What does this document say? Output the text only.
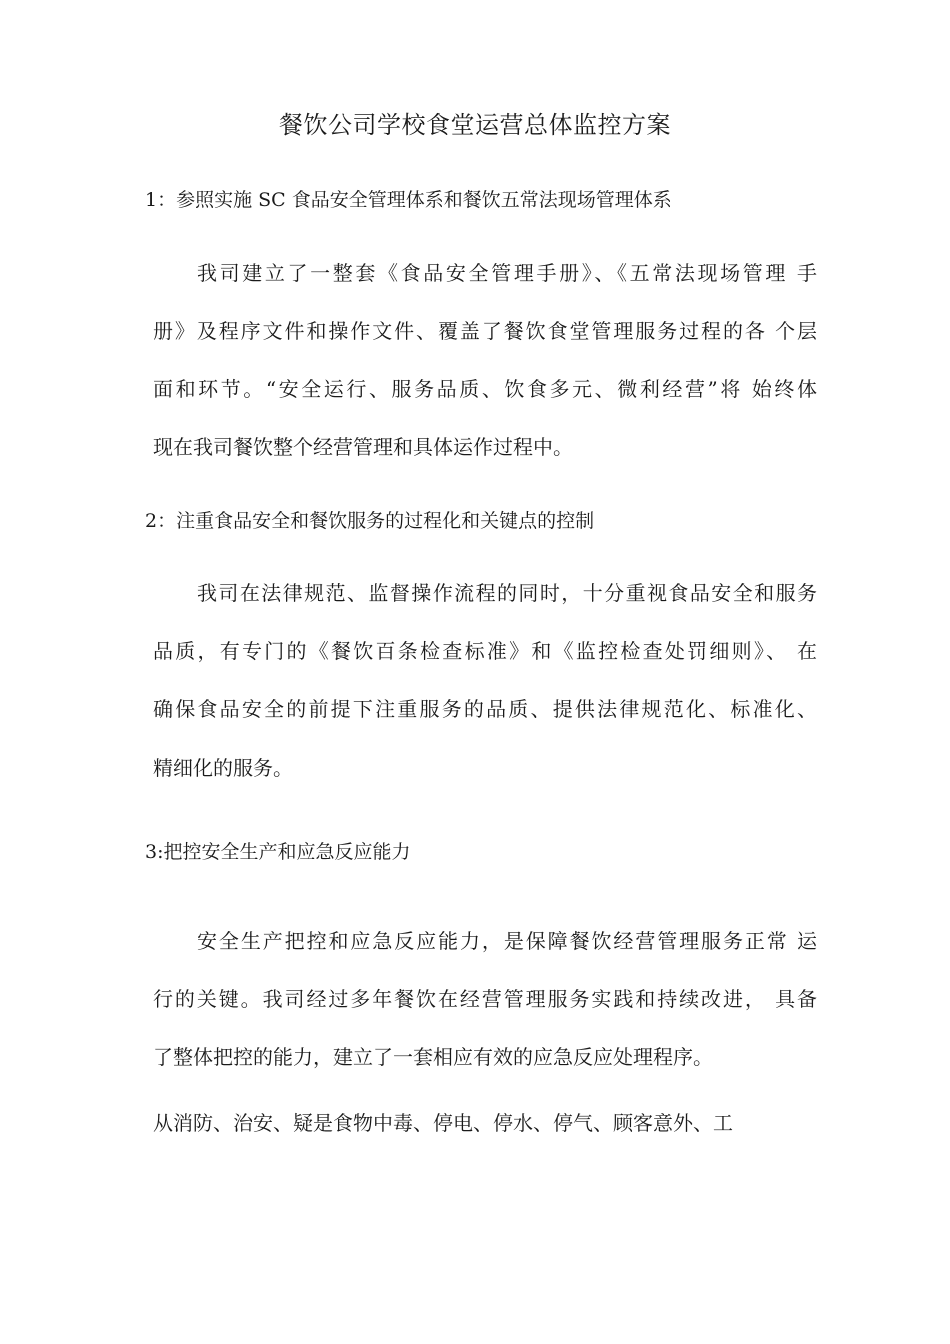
餐饮公司学校食堂运营总体监控方案
1：参照实施 SC 食品安全管理体系和餐饮五常法现场管理体系
我司建立了一整套《食品安全管理手册》、《五常法现场管理 手
册》及程序文件和操作文件、覆盖了餐饮食堂管理服务过程的各 个层
面和环节。“安全运行、服务品质、饮食多元、微利经营”将 始终体
现在我司餐饮整个经营管理和具体运作过程中。
2：注重食品安全和餐饮服务的过程化和关键点的控制
我司在法律规范、监督操作流程的同时，十分重视食品安全和服务
品质，有专门的《餐饮百条检查标准》和《监控检查处罚细则》、 在
确保食品安全的前提下注重服务的品质、提供法律规范化、标准化、
精细化的服务。
3:把控安全生产和应急反应能力
安全生产把控和应急反应能力，是保障餐饮经营管理服务正常 运
行的关键。我司经过多年餐饮在经营管理服务实践和持续改进， 具备
了整体把控的能力，建立了一套相应有效的应急反应处理程序。
从消防、治安、疑是食物中毒、停电、停水、停气、顾客意外、工
